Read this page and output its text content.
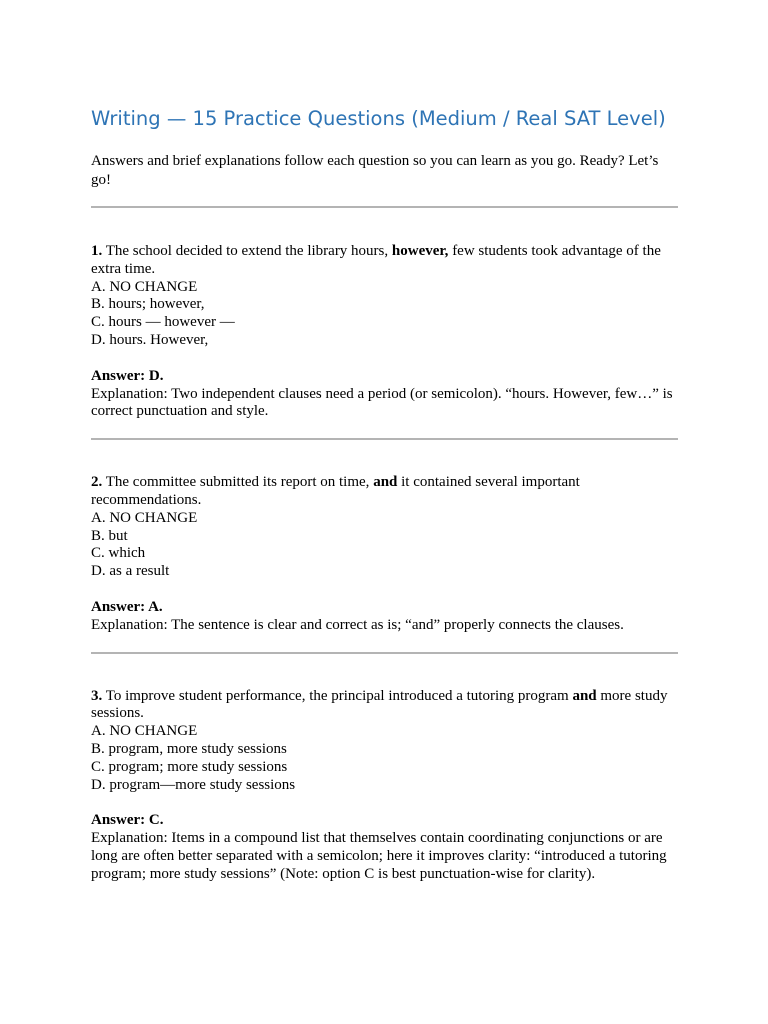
Writing — 15 Practice Questions (Medium / Real SAT Level)

Answers and brief explanations follow each question so you can learn as you go. Ready? Let’s go!

1. The school decided to extend the library hours, however, few students took advantage of the extra time.

A. NO CHANGE
B. hours; however,
C. hours — however —
D. hours. However,

Answer: D.

Explanation: Two independent clauses need a period (or semicolon). “hours. However, few…” is correct punctuation and style.

2. The committee submitted its report on time, and it contained several important recommendations.

A. NO CHANGE
B. but
C. which
D. as a result

Answer: A.

Explanation: The sentence is clear and correct as is; “and” properly connects the clauses.

3. To improve student performance, the principal introduced a tutoring program and more study sessions.

A. NO CHANGE
B. program, more study sessions
C. program; more study sessions
D. program—more study sessions

Answer: C.

Explanation: Items in a compound list that themselves contain coordinating conjunctions or are long are often better separated with a semicolon; here it improves clarity: “introduced a tutoring program; more study sessions” (Note: option C is best punctuation-wise for clarity).
